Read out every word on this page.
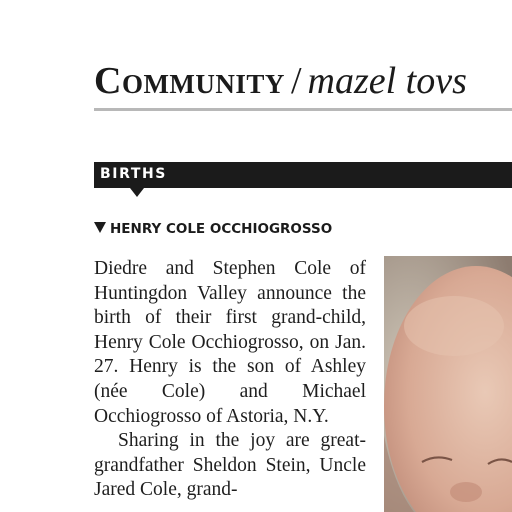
Community / mazel tovs
BIRTHS
HENRY COLE OCCHIOGROSSO

Diedre and Stephen Cole of Huntingdon Valley announce the birth of their first grand-child, Henry Cole Occhiogrosso, on Jan. 27. Henry is the son of Ashley (née Cole) and Michael Occhiogrosso of Astoria, N.Y.

Sharing in the joy are great-grandfather Sheldon Stein, Uncle Jared Cole, grand-
